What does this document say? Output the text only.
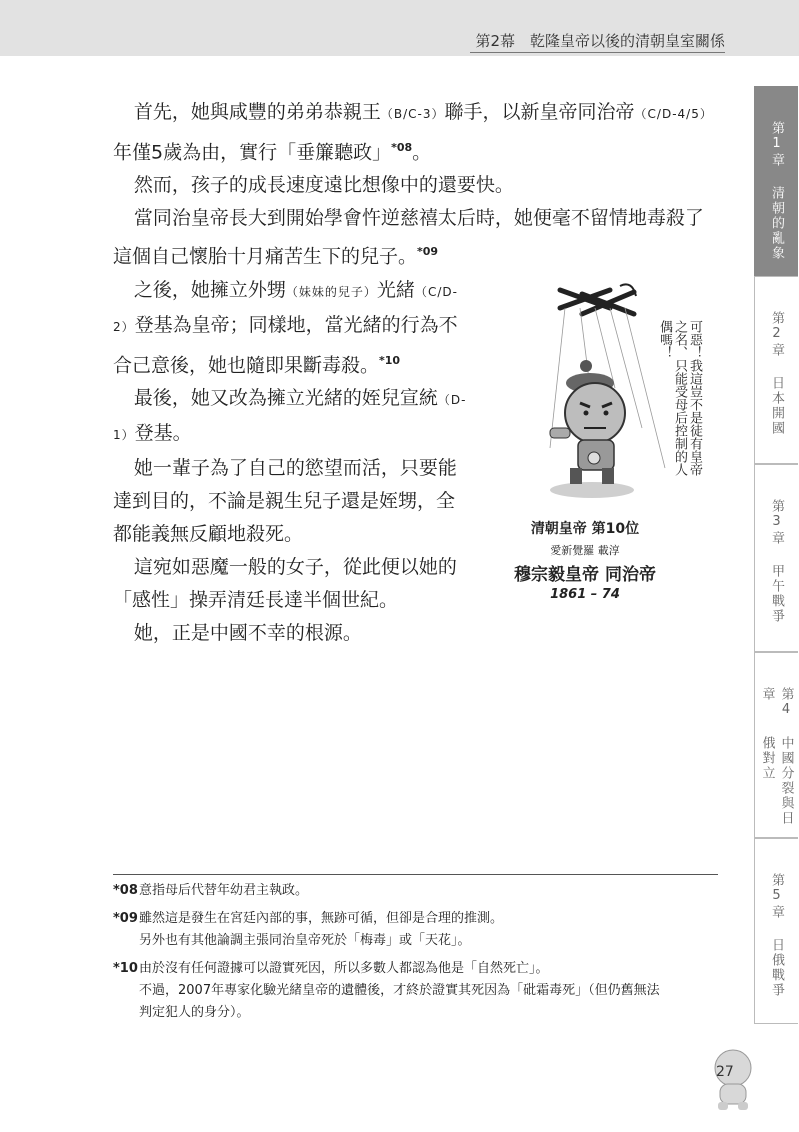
第2幕　乾隆皇帝以後的清朝皇室關係

首先，她與咸豐的弟弟恭親王（B/C-3）聯手，以新皇帝同治帝（C/D-4/5）年僅5歲為由，實行「垂簾聽政」$^{*08}$。

然而，孩子的成長速度遠比想像中的還要快。

當同治皇帝長大到開始學會忤逆慈禧太后時，她便毫不留情地毒殺了這個自己懷胎十月痛苦生下的兒子。$^{*09}$

之後，她擁立外甥（妹妹的兒子）光緒（C/D-2）登基為皇帝；同樣地，當光緒的行為不合己意後，她也隨即果斷毒殺。$^{*10}$

最後，她又改為擁立光緒的姪兒宣統（D-1）登基。

她一輩子為了自己的慾望而活，只要能達到目的，不論是親生兒子還是姪甥，全都能義無反顧地殺死。

這宛如惡魔一般的女子，從此便以她的「感性」操弄清廷長達半個世紀。

她，正是中國不幸的根源。

可惡！我這豈不是徒有皇帝之名、只能受母后控制的人偶嗎！
清朝皇帝 第10位
愛新覺羅 載淳
穆宗毅皇帝 同治帝
1861 – 74
*08意指母后代替年幼君主執政。
*09雖然這是發生在宮廷內部的事，無跡可循，但卻是合理的推測。
另外也有其他論調主張同治皇帝死於「梅毒」或「天花」。
*10由於沒有任何證據可以證實死因，所以多數人都認為他是「自然死亡」。
不過，2007年專家化驗光緒皇帝的遺體後，才終於證實其死因為「砒霜毒死」（但仍舊無法
判定犯人的身分）。
第1章
清朝的亂象
第2章
日本開國
第3章
甲午戰爭
第4章
中國分裂與日俄對立
第5章
日俄戰爭
27
